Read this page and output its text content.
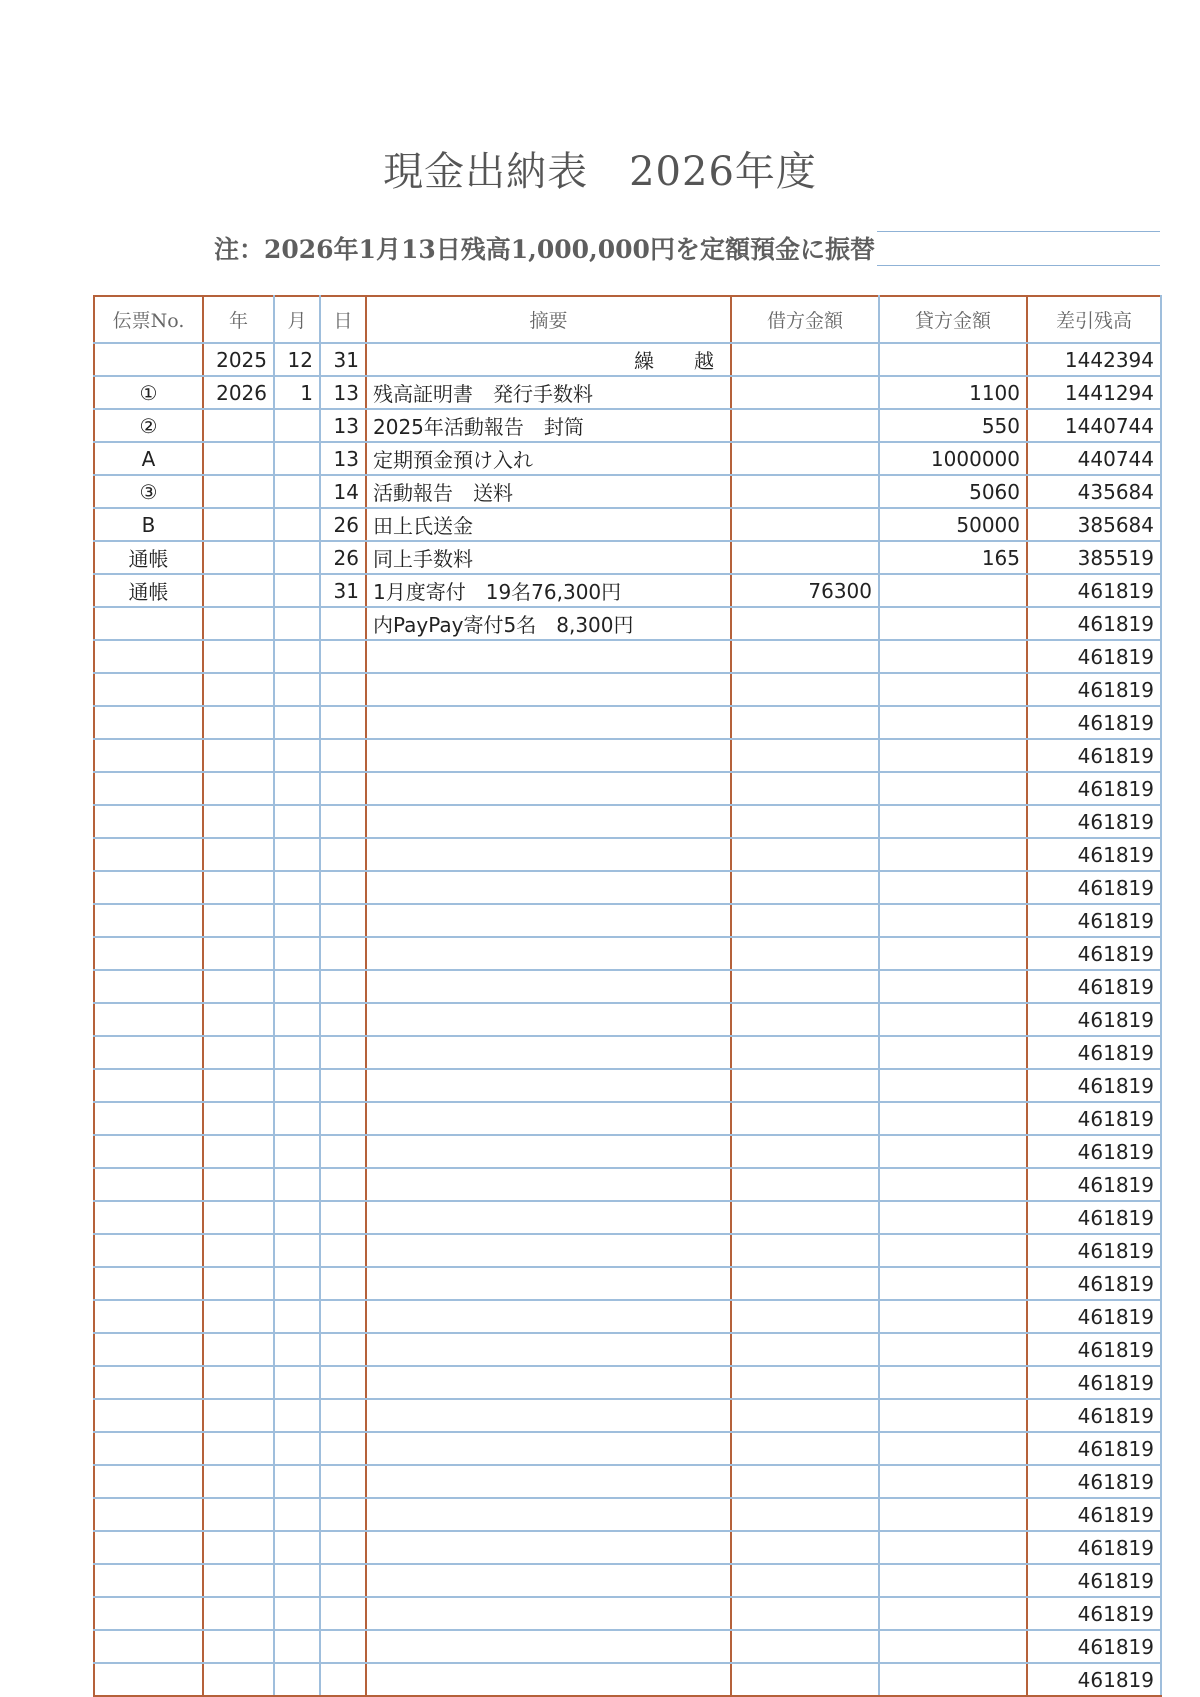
現金出納表　2026年度
注：2026年1月13日残高1,000,000円を定額預金に振替
伝票No.	年	月	日	摘要	借方金額	貸方金額	差引残高
	2025	12	31	繰　越			1442394
①	2026	1	13	残高証明書　発行手数料		1100	1441294
②			13	2025年活動報告　封筒		550	1440744
A			13	定期預金預け入れ		1000000	440744
③			14	活動報告　送料		5060	435684
B			26	田上氏送金		50000	385684
通帳			26	同上手数料		165	385519
通帳			31	1月度寄付　19名76,300円	76300		461819
				内PayPay寄付5名　8,300円			461819
							461819
							461819
							461819
							461819
							461819
							461819
							461819
							461819
							461819
							461819
							461819
							461819
							461819
							461819
							461819
							461819
							461819
							461819
							461819
							461819
							461819
							461819
							461819
							461819
							461819
							461819
							461819
							461819
							461819
							461819
							461819
							461819
